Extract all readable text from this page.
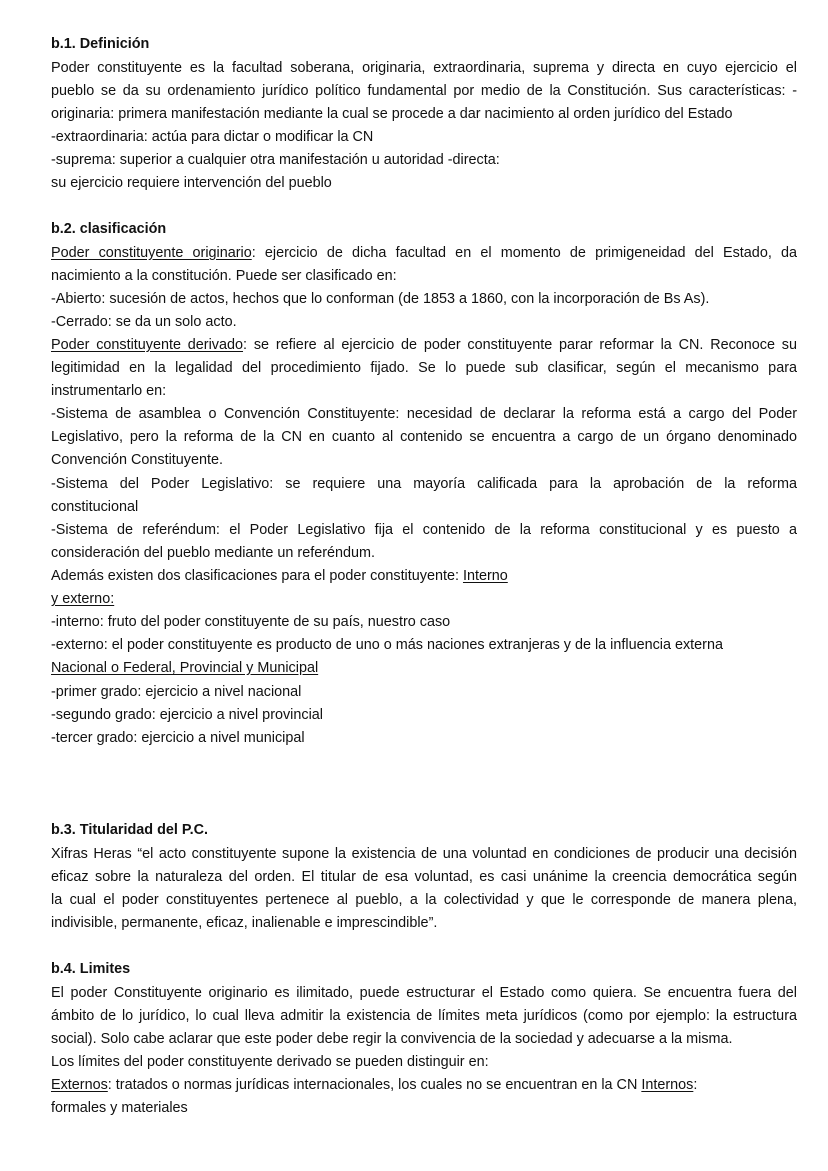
b.1. Definición
Poder constituyente es la facultad soberana, originaria, extraordinaria, suprema y directa en cuyo ejercicio el
pueblo se da su ordenamiento jurídico político fundamental por medio de la Constitución. Sus características: -
originaria: primera manifestación mediante la cual se procede a dar nacimiento al orden jurídico del Estado
-extraordinaria: actúa para dictar o modificar la CN
-suprema: superior a cualquier otra manifestación u autoridad -directa:
su ejercicio requiere intervención del pueblo
b.2. clasificación
Poder constituyente originario: ejercicio de dicha facultad en el momento de primigeneidad del Estado, da
nacimiento a la constitución. Puede ser clasificado en:
-Abierto: sucesión de actos, hechos que lo conforman (de 1853 a 1860, con la incorporación de Bs As).
-Cerrado: se da un solo acto.
Poder constituyente derivado: se refiere al ejercicio de poder constituyente parar reformar la CN. Reconoce su
legitimidad en la legalidad del procedimiento fijado. Se lo puede sub clasificar, según el mecanismo para
instrumentarlo en:
-Sistema de asamblea o Convención Constituyente: necesidad de declarar la reforma está a cargo del Poder
Legislativo, pero la reforma de la CN en cuanto al contenido se encuentra a cargo de un órgano denominado
Convención Constituyente.
-Sistema del Poder Legislativo: se requiere una mayoría calificada para la aprobación de la reforma
constitucional
-Sistema de referéndum: el Poder Legislativo fija el contenido de la reforma constitucional y es puesto a
consideración del pueblo mediante un referéndum.
Además existen dos clasificaciones para el poder constituyente: Interno
y externo:
-interno: fruto del poder constituyente de su país, nuestro caso
-externo: el poder constituyente es producto de uno o más naciones extranjeras y de la influencia externa
Nacional o Federal, Provincial y Municipal
-primer grado: ejercicio a nivel nacional
-segundo grado: ejercicio a nivel provincial
-tercer grado: ejercicio a nivel municipal
b.3. Titularidad del P.C.
Xifras Heras “el acto constituyente supone la existencia de una voluntad en condiciones de producir una decisión
eficaz sobre la naturaleza del orden. El titular de esa voluntad, es casi unánime la creencia democrática según
la cual el poder constituyentes pertenece al pueblo, a la colectividad y que le corresponde de manera plena,
indivisible, permanente, eficaz, inalienable e imprescindible”.
b.4. Limites
El poder Constituyente originario es ilimitado, puede estructurar el Estado como quiera. Se encuentra fuera del
ámbito de lo jurídico, lo cual lleva admitir la existencia de límites meta jurídicos (como por ejemplo: la estructura
social). Solo cabe aclarar que este poder debe regir la convivencia de la sociedad y adecuarse a la misma.
Los límites del poder constituyente derivado se pueden distinguir en:
Externos: tratados o normas jurídicas internacionales, los cuales no se encuentran en la CN Internos:
formales y materiales
